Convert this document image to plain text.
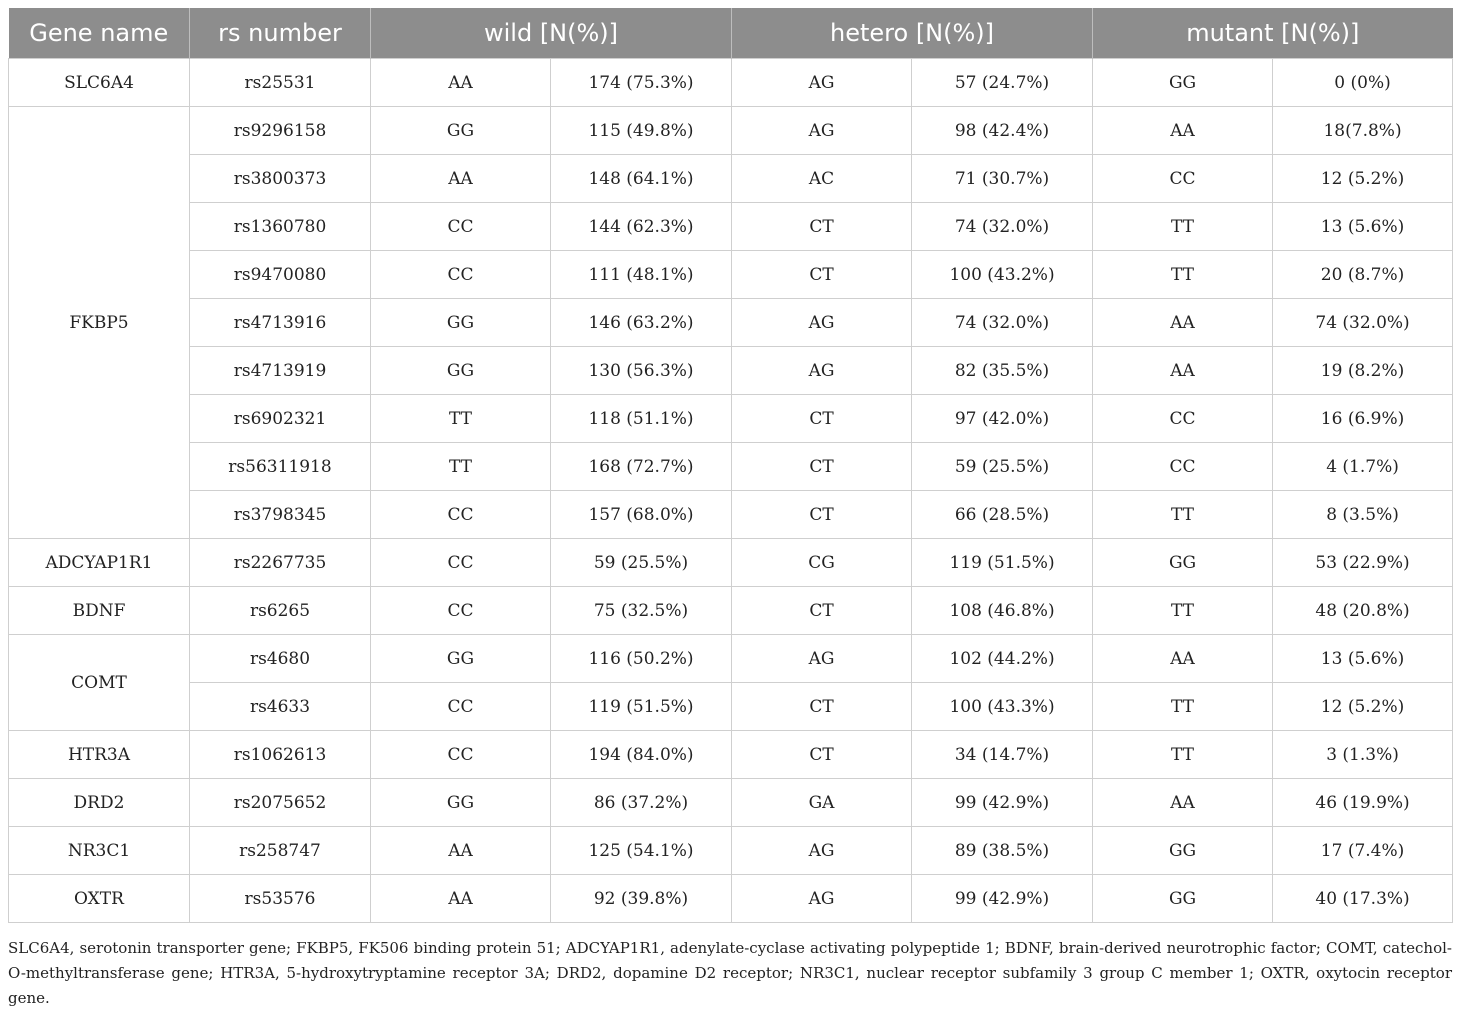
Gene name	rs number	wild [N(%)]		hetero [N(%)]		mutant [N(%)]	
SLC6A4	rs25531	AA	174 (75.3%)	AG	57 (24.7%)	GG	0 (0%)
FKBP5	rs9296158	GG	115 (49.8%)	AG	98 (42.4%)	AA	18(7.8%)
	rs3800373	AA	148 (64.1%)	AC	71 (30.7%)	CC	12 (5.2%)
	rs1360780	CC	144 (62.3%)	CT	74 (32.0%)	TT	13 (5.6%)
	rs9470080	CC	111 (48.1%)	CT	100 (43.2%)	TT	20 (8.7%)
	rs4713916	GG	146 (63.2%)	AG	74 (32.0%)	AA	74 (32.0%)
	rs4713919	GG	130 (56.3%)	AG	82 (35.5%)	AA	19 (8.2%)
	rs6902321	TT	118 (51.1%)	CT	97 (42.0%)	CC	16 (6.9%)
	rs56311918	TT	168 (72.7%)	CT	59 (25.5%)	CC	4 (1.7%)
	rs3798345	CC	157 (68.0%)	CT	66 (28.5%)	TT	8 (3.5%)
ADCYAP1R1	rs2267735	CC	59 (25.5%)	CG	119 (51.5%)	GG	53 (22.9%)
BDNF	rs6265	CC	75 (32.5%)	CT	108 (46.8%)	TT	48 (20.8%)
COMT	rs4680	GG	116 (50.2%)	AG	102 (44.2%)	AA	13 (5.6%)
	rs4633	CC	119 (51.5%)	CT	100 (43.3%)	TT	12 (5.2%)
HTR3A	rs1062613	CC	194 (84.0%)	CT	34 (14.7%)	TT	3 (1.3%)
DRD2	rs2075652	GG	86 (37.2%)	GA	99 (42.9%)	AA	46 (19.9%)
NR3C1	rs258747	AA	125 (54.1%)	AG	89 (38.5%)	GG	17 (7.4%)
OXTR	rs53576	AA	92 (39.8%)	AG	99 (42.9%)	GG	40 (17.3%)

SLC6A4, serotonin transporter gene; FKBP5, FK506 binding protein 51; ADCYAP1R1, adenylate-cyclase activating polypeptide 1; BDNF, brain-derived neurotrophic factor; COMT, catechol-O-methyltransferase gene; HTR3A, 5-hydroxytryptamine receptor 3A; DRD2, dopamine D2 receptor; NR3C1, nuclear receptor subfamily 3 group C member 1; OXTR, oxytocin receptor gene.
